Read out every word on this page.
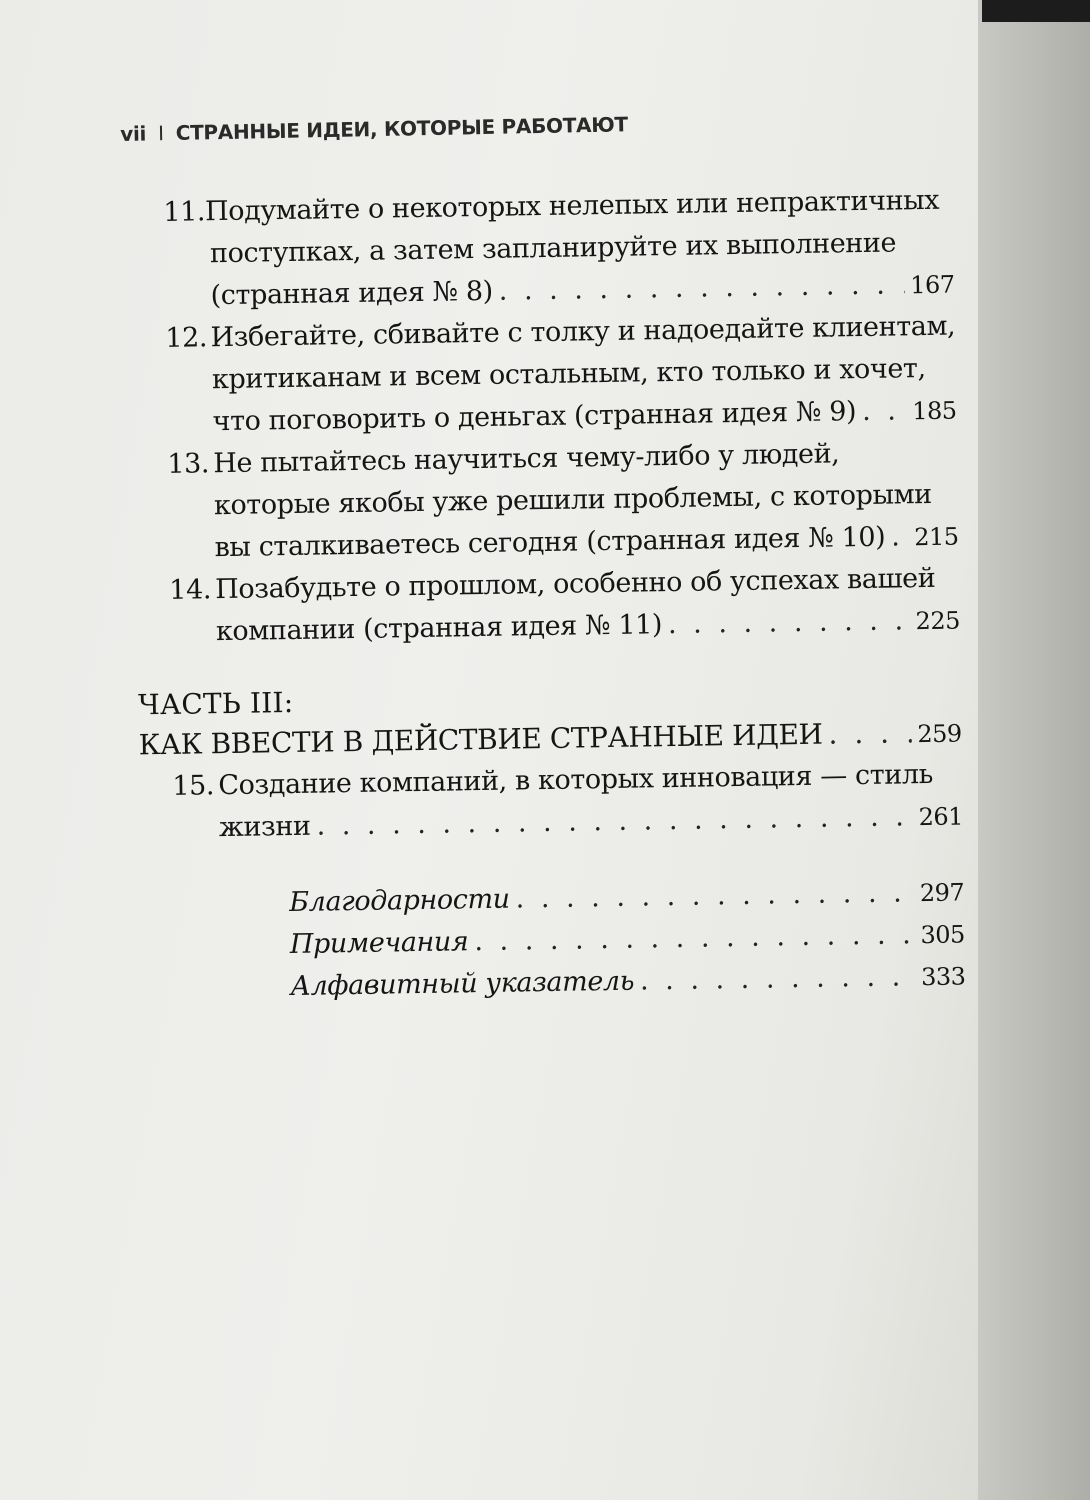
vii I СТРАННЫЕ ИДЕИ, КОТОРЫЕ РАБОТАЮТ
11. Подумайте о некоторых нелепых или непрактичных
поступках, а затем запланируйте их выполнение
(странная идея № 8) . . .	167
12. Избегайте, сбивайте с толку и надоедайте клиентам,
критиканам и всем остальным, кто только и хочет,
что поговорить о деньгах (странная идея № 9) . . . 185
13. Не пытайтесь научиться чему-либо у людей,
которые якобы уже решили проблемы, с которыми
вы сталкиваетесь сегодня (странная идея № 10) . . . 215
14. Позабудьте о прошлом, особенно об успехах вашей
компании (странная идея № 11) . . .	225
ЧАСТЬ III:
КАК ВВЕСТИ В ДЕЙСТВИЕ СТРАННЫЕ ИДЕИ . . .	259
15. Создание компаний, в которых инновация — стиль
жизни . . .	261
Благодарности . . .	297
Примечания . . .	305
Алфавитный указатель . . .	333
